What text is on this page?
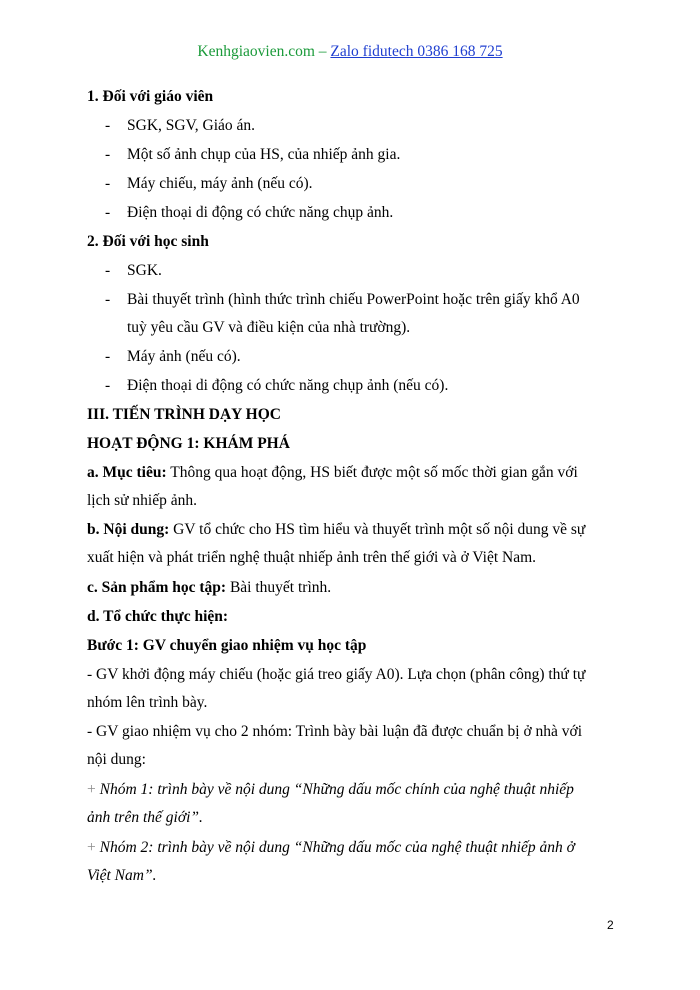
Kenhgiaovien.com – Zalo fidutech 0386 168 725
1. Đối với giáo viên
- SGK, SGV, Giáo án.
- Một số ảnh chụp của HS, của nhiếp ảnh gia.
- Máy chiếu, máy ảnh (nếu có).
- Điện thoại di động có chức năng chụp ảnh.
2. Đối với học sinh
- SGK.
- Bài thuyết trình (hình thức trình chiếu PowerPoint hoặc trên giấy khổ A0
tuỳ yêu cầu GV và điều kiện của nhà trường).
- Máy ảnh (nếu có).
- Điện thoại di động có chức năng chụp ảnh (nếu có).
III. TIẾN TRÌNH DẠY HỌC
HOẠT ĐỘNG 1: KHÁM PHÁ
a. Mục tiêu: Thông qua hoạt động, HS biết được một số mốc thời gian gắn với
lịch sử nhiếp ảnh.
b. Nội dung: GV tổ chức cho HS tìm hiểu và thuyết trình một số nội dung về sự
xuất hiện và phát triển nghệ thuật nhiếp ảnh trên thế giới và ở Việt Nam.
c. Sản phẩm học tập: Bài thuyết trình.
d. Tổ chức thực hiện:
Bước 1: GV chuyển giao nhiệm vụ học tập
- GV khởi động máy chiếu (hoặc giá treo giấy A0). Lựa chọn (phân công) thứ tự
nhóm lên trình bày.
- GV giao nhiệm vụ cho 2 nhóm: Trình bày bài luận đã được chuẩn bị ở nhà với
nội dung:
+ Nhóm 1: trình bày về nội dung “Những dấu mốc chính của nghệ thuật nhiếp
ảnh trên thế giới”.
+ Nhóm 2: trình bày về nội dung “Những dấu mốc của nghệ thuật nhiếp ảnh ở
Việt Nam”.
2
